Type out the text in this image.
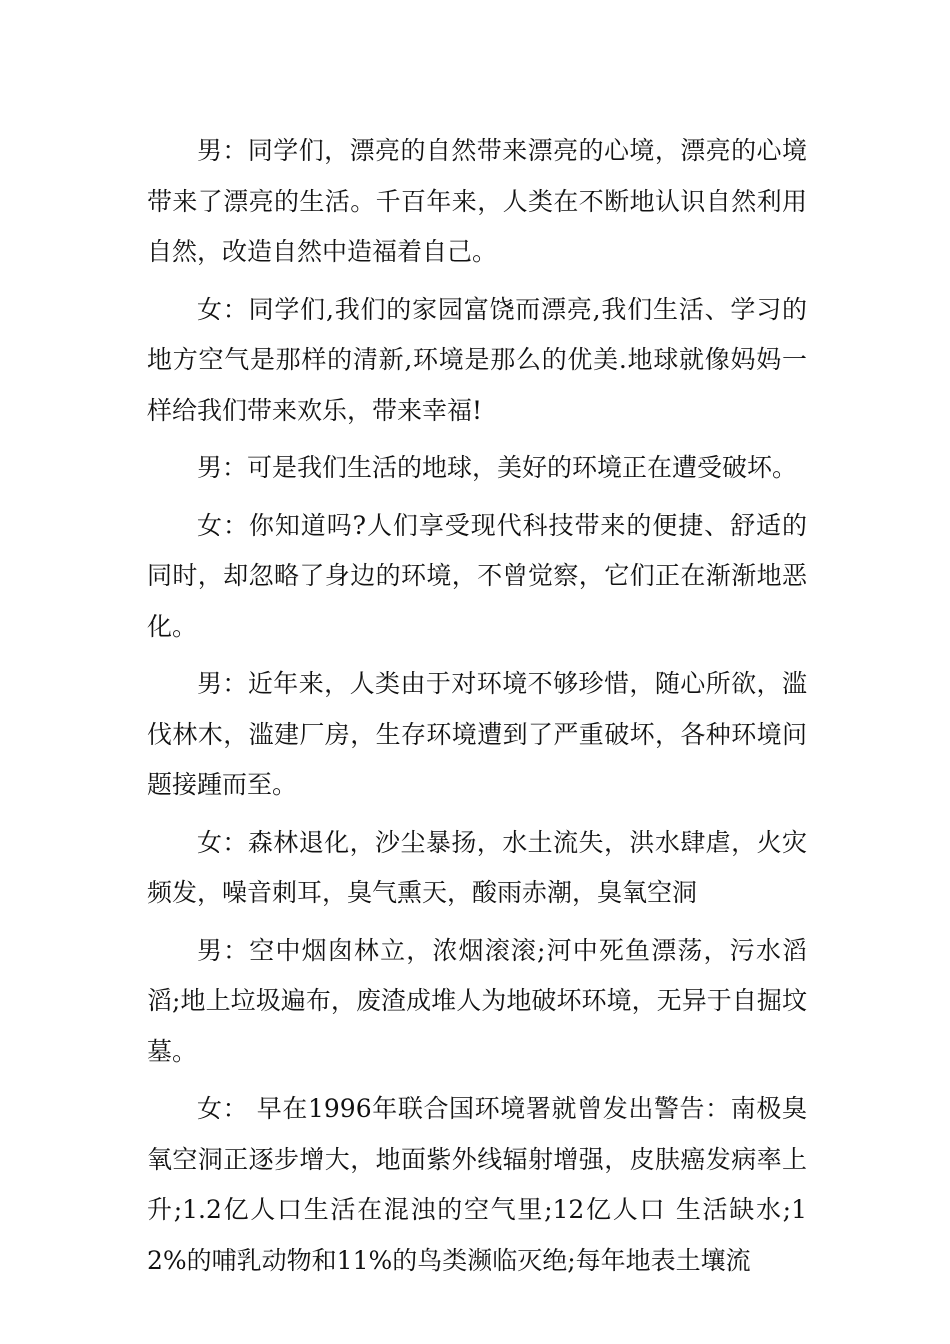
男：同学们，漂亮的自然带来漂亮的心境，漂亮的心境带来了漂亮的生活。千百年来，人类在不断地认识自然利用自然，改造自然中造福着自己。

女：同学们,我们的家园富饶而漂亮,我们生活、学习的地方空气是那样的清新,环境是那么的优美.地球就像妈妈一样给我们带来欢乐，带来幸福!

男：可是我们生活的地球，美好的环境正在遭受破坏。

女：你知道吗?人们享受现代科技带来的便捷、舒适的同时，却忽略了身边的环境，不曾觉察，它们正在渐渐地恶化。

男：近年来，人类由于对环境不够珍惜，随心所欲，滥伐林木，滥建厂房，生存环境遭到了严重破坏，各种环境问题接踵而至。

女：森林退化，沙尘暴扬，水土流失，洪水肆虐，火灾频发，噪音刺耳，臭气熏天，酸雨赤潮，臭氧空洞

男：空中烟囱林立，浓烟滚滚;河中死鱼漂荡，污水滔滔;地上垃圾遍布，废渣成堆人为地破坏环境，无异于自掘坟墓。

女： 早在1996年联合国环境署就曾发出警告：南极臭氧空洞正逐步增大，地面紫外线辐射增强，皮肤癌发病率上升;1.2亿人口生活在混浊的空气里;12亿人口 生活缺水;12%的哺乳动物和11%的鸟类濒临灭绝;每年地表土壤流
